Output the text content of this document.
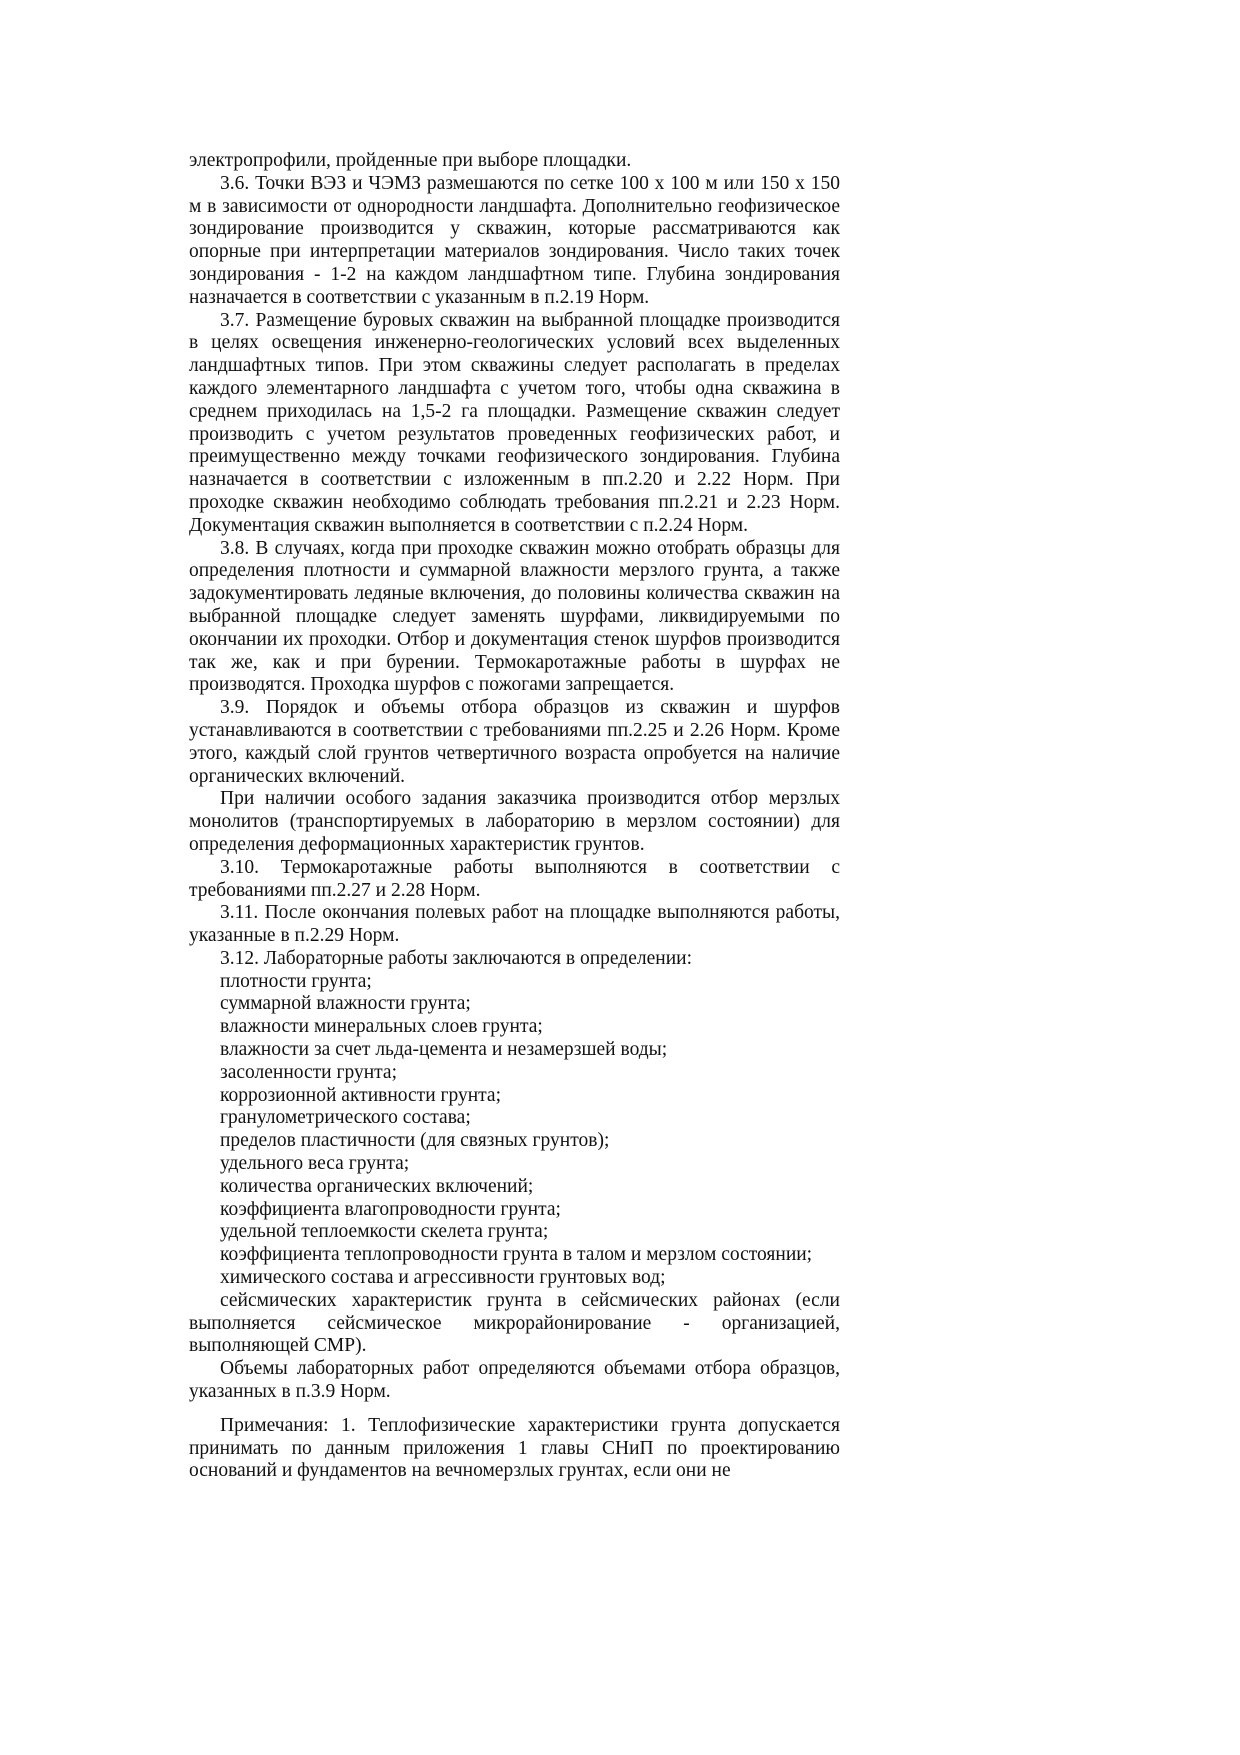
электропрофили, пройденные при выборе площадки.

3.6. Точки ВЭЗ и ЧЭМЗ размешаются по сетке 100 х 100 м или 150 х 150 м в зависимости от однородности ландшафта. Дополнительно геофизическое зондирование производится у скважин, которые рассматриваются как опорные при интерпретации материалов зондирования. Число таких точек зондирования - 1-2 на каждом ландшафтном типе. Глубина зондирования назначается в соответствии с указанным в п.2.19 Норм.

3.7. Размещение буровых скважин на выбранной площадке производится в целях освещения инженерно-геологических условий всех выделенных ландшафтных типов. При этом скважины следует располагать в пределах каждого элементарного ландшафта с учетом того, чтобы одна скважина в среднем приходилась на 1,5-2 га площадки. Размещение скважин следует производить с учетом результатов проведенных геофизических работ, и преимущественно между точками геофизического зондирования. Глубина назначается в соответствии с изложенным в пп.2.20 и 2.22 Норм. При проходке скважин необходимо соблюдать требования пп.2.21 и 2.23 Норм. Документация скважин выполняется в соответствии с п.2.24 Норм.

3.8. В случаях, когда при проходке скважин можно отобрать образцы для определения плотности и суммарной влажности мерзлого грунта, а также задокументировать ледяные включения, до половины количества скважин на выбранной площадке следует заменять шурфами, ликвидируемыми по окончании их проходки. Отбор и документация стенок шурфов производится так же, как и при бурении. Термокаротажные работы в шурфах не производятся. Проходка шурфов с пожогами запрещается.

3.9. Порядок и объемы отбора образцов из скважин и шурфов устанавливаются в соответствии с требованиями пп.2.25 и 2.26 Норм. Кроме этого, каждый слой грунтов четвертичного возраста опробуется на наличие органических включений.

При наличии особого задания заказчика производится отбор мерзлых монолитов (транспортируемых в лабораторию в мерзлом состоянии) для определения деформационных характеристик грунтов.

3.10. Термокаротажные работы выполняются в соответствии с требованиями пп.2.27 и 2.28 Норм.

3.11. После окончания полевых работ на площадке выполняются работы, указанные в п.2.29 Норм.

3.12. Лабораторные работы заключаются в определении:

плотности грунта;

суммарной влажности грунта;

влажности минеральных слоев грунта;

влажности за счет льда-цемента и незамерзшей воды;

засоленности грунта;

коррозионной активности грунта;

гранулометрического состава;

пределов пластичности (для связных грунтов);

удельного веса грунта;

количества органических включений;

коэффициента влагопроводности грунта;

удельной теплоемкости скелета грунта;

коэффициента теплопроводности грунта в талом и мерзлом состоянии;

химического состава и агрессивности грунтовых вод;

сейсмических характеристик грунта в сейсмических районах (если выполняется сейсмическое микрорайонирование - организацией, выполняющей СМР).

Объемы лабораторных работ определяются объемами отбора образцов, указанных в п.3.9 Норм.

Примечания: 1. Теплофизические характеристики грунта допускается принимать по данным приложения 1 главы СНиП по проектированию оснований и фундаментов на вечномерзлых грунтах, если они не
